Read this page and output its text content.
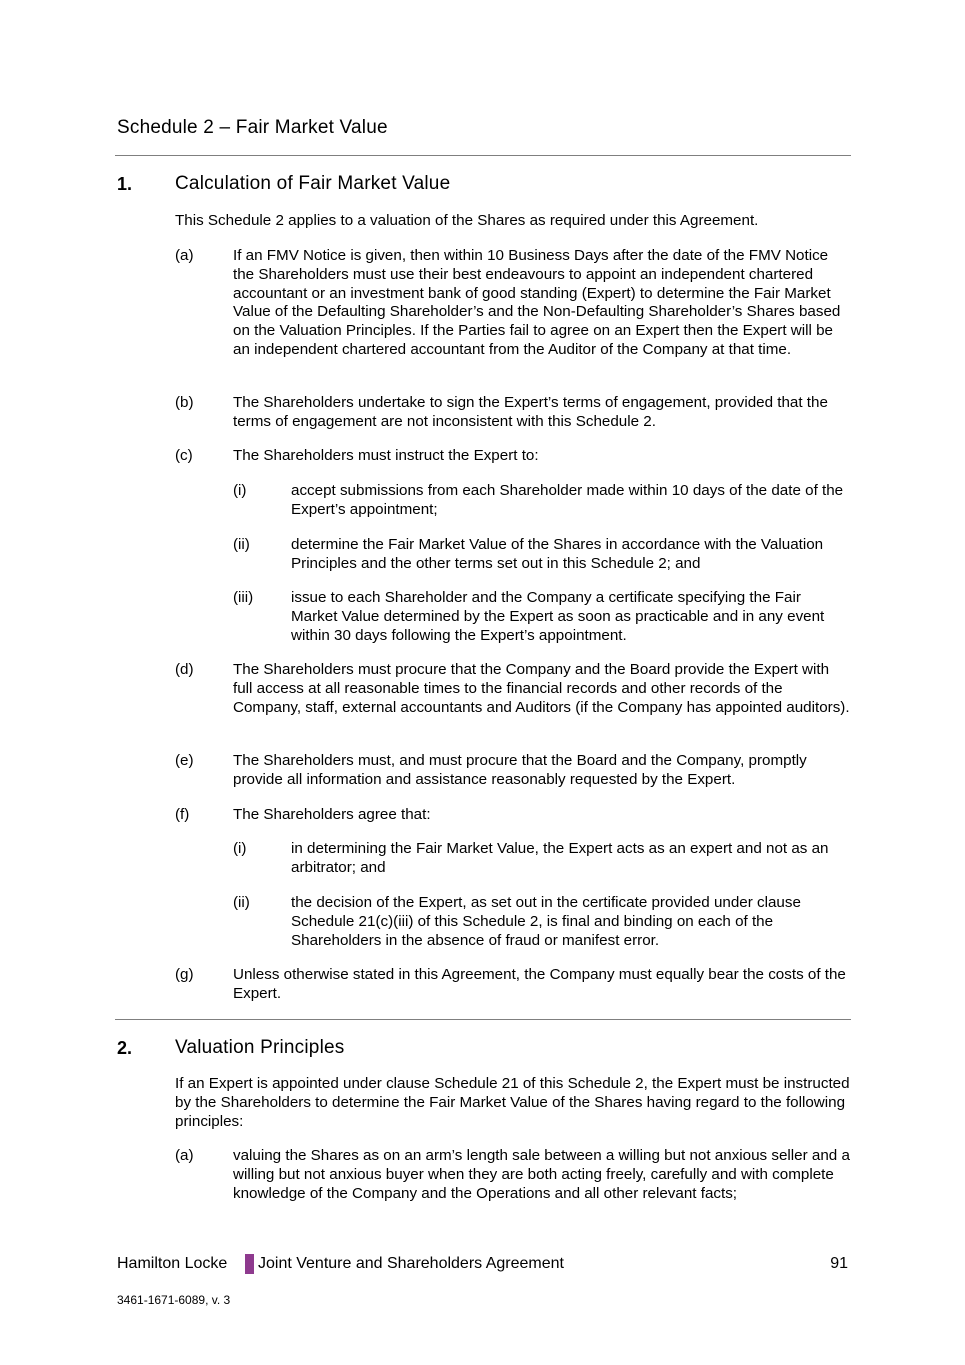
Schedule 2 – Fair Market Value
1. Calculation of Fair Market Value
This Schedule 2 applies to a valuation of the Shares as required under this Agreement.
(a)	If an FMV Notice is given, then within 10 Business Days after the date of the FMV Notice the Shareholders must use their best endeavours to appoint an independent chartered accountant or an investment bank of good standing (Expert) to determine the Fair Market Value of the Defaulting Shareholder’s and the Non-Defaulting Shareholder’s Shares based on the Valuation Principles. If the Parties fail to agree on an Expert then the Expert will be an independent chartered accountant from the Auditor of the Company at that time.
(b)	The Shareholders undertake to sign the Expert’s terms of engagement, provided that the terms of engagement are not inconsistent with this Schedule 2.
(c)	The Shareholders must instruct the Expert to:
(i)	accept submissions from each Shareholder made within 10 days of the date of the Expert’s appointment;
(ii)	determine the Fair Market Value of the Shares in accordance with the Valuation Principles and the other terms set out in this Schedule 2; and
(iii) issue to each Shareholder and the Company a certificate specifying the Fair Market Value determined by the Expert as soon as practicable and in any event within 30 days following the Expert’s appointment.
(d)	The Shareholders must procure that the Company and the Board provide the Expert with full access at all reasonable times to the financial records and other records of the Company, staff, external accountants and Auditors (if the Company has appointed auditors).
(e)	The Shareholders must, and must procure that the Board and the Company, promptly provide all information and assistance reasonably requested by the Expert.
(f)	The Shareholders agree that:
(i)	in determining the Fair Market Value, the Expert acts as an expert and not as an arbitrator; and
(ii)	the decision of the Expert, as set out in the certificate provided under clause Schedule 21(c)(iii) of this Schedule 2, is final and binding on each of the Shareholders in the absence of fraud or manifest error.
(g)	Unless otherwise stated in this Agreement, the Company must equally bear the costs of the Expert.
2. Valuation Principles
If an Expert is appointed under clause Schedule 21 of this Schedule 2, the Expert must be instructed by the Shareholders to determine the Fair Market Value of the Shares having regard to the following principles:
(a)	valuing the Shares as on an arm’s length sale between a willing but not anxious seller and a willing but not anxious buyer when they are both acting freely, carefully and with complete knowledge of the Company and the Operations and all other relevant facts;
Hamilton Locke Joint Venture and Shareholders Agreement	91
3461-1671-6089, v. 3
